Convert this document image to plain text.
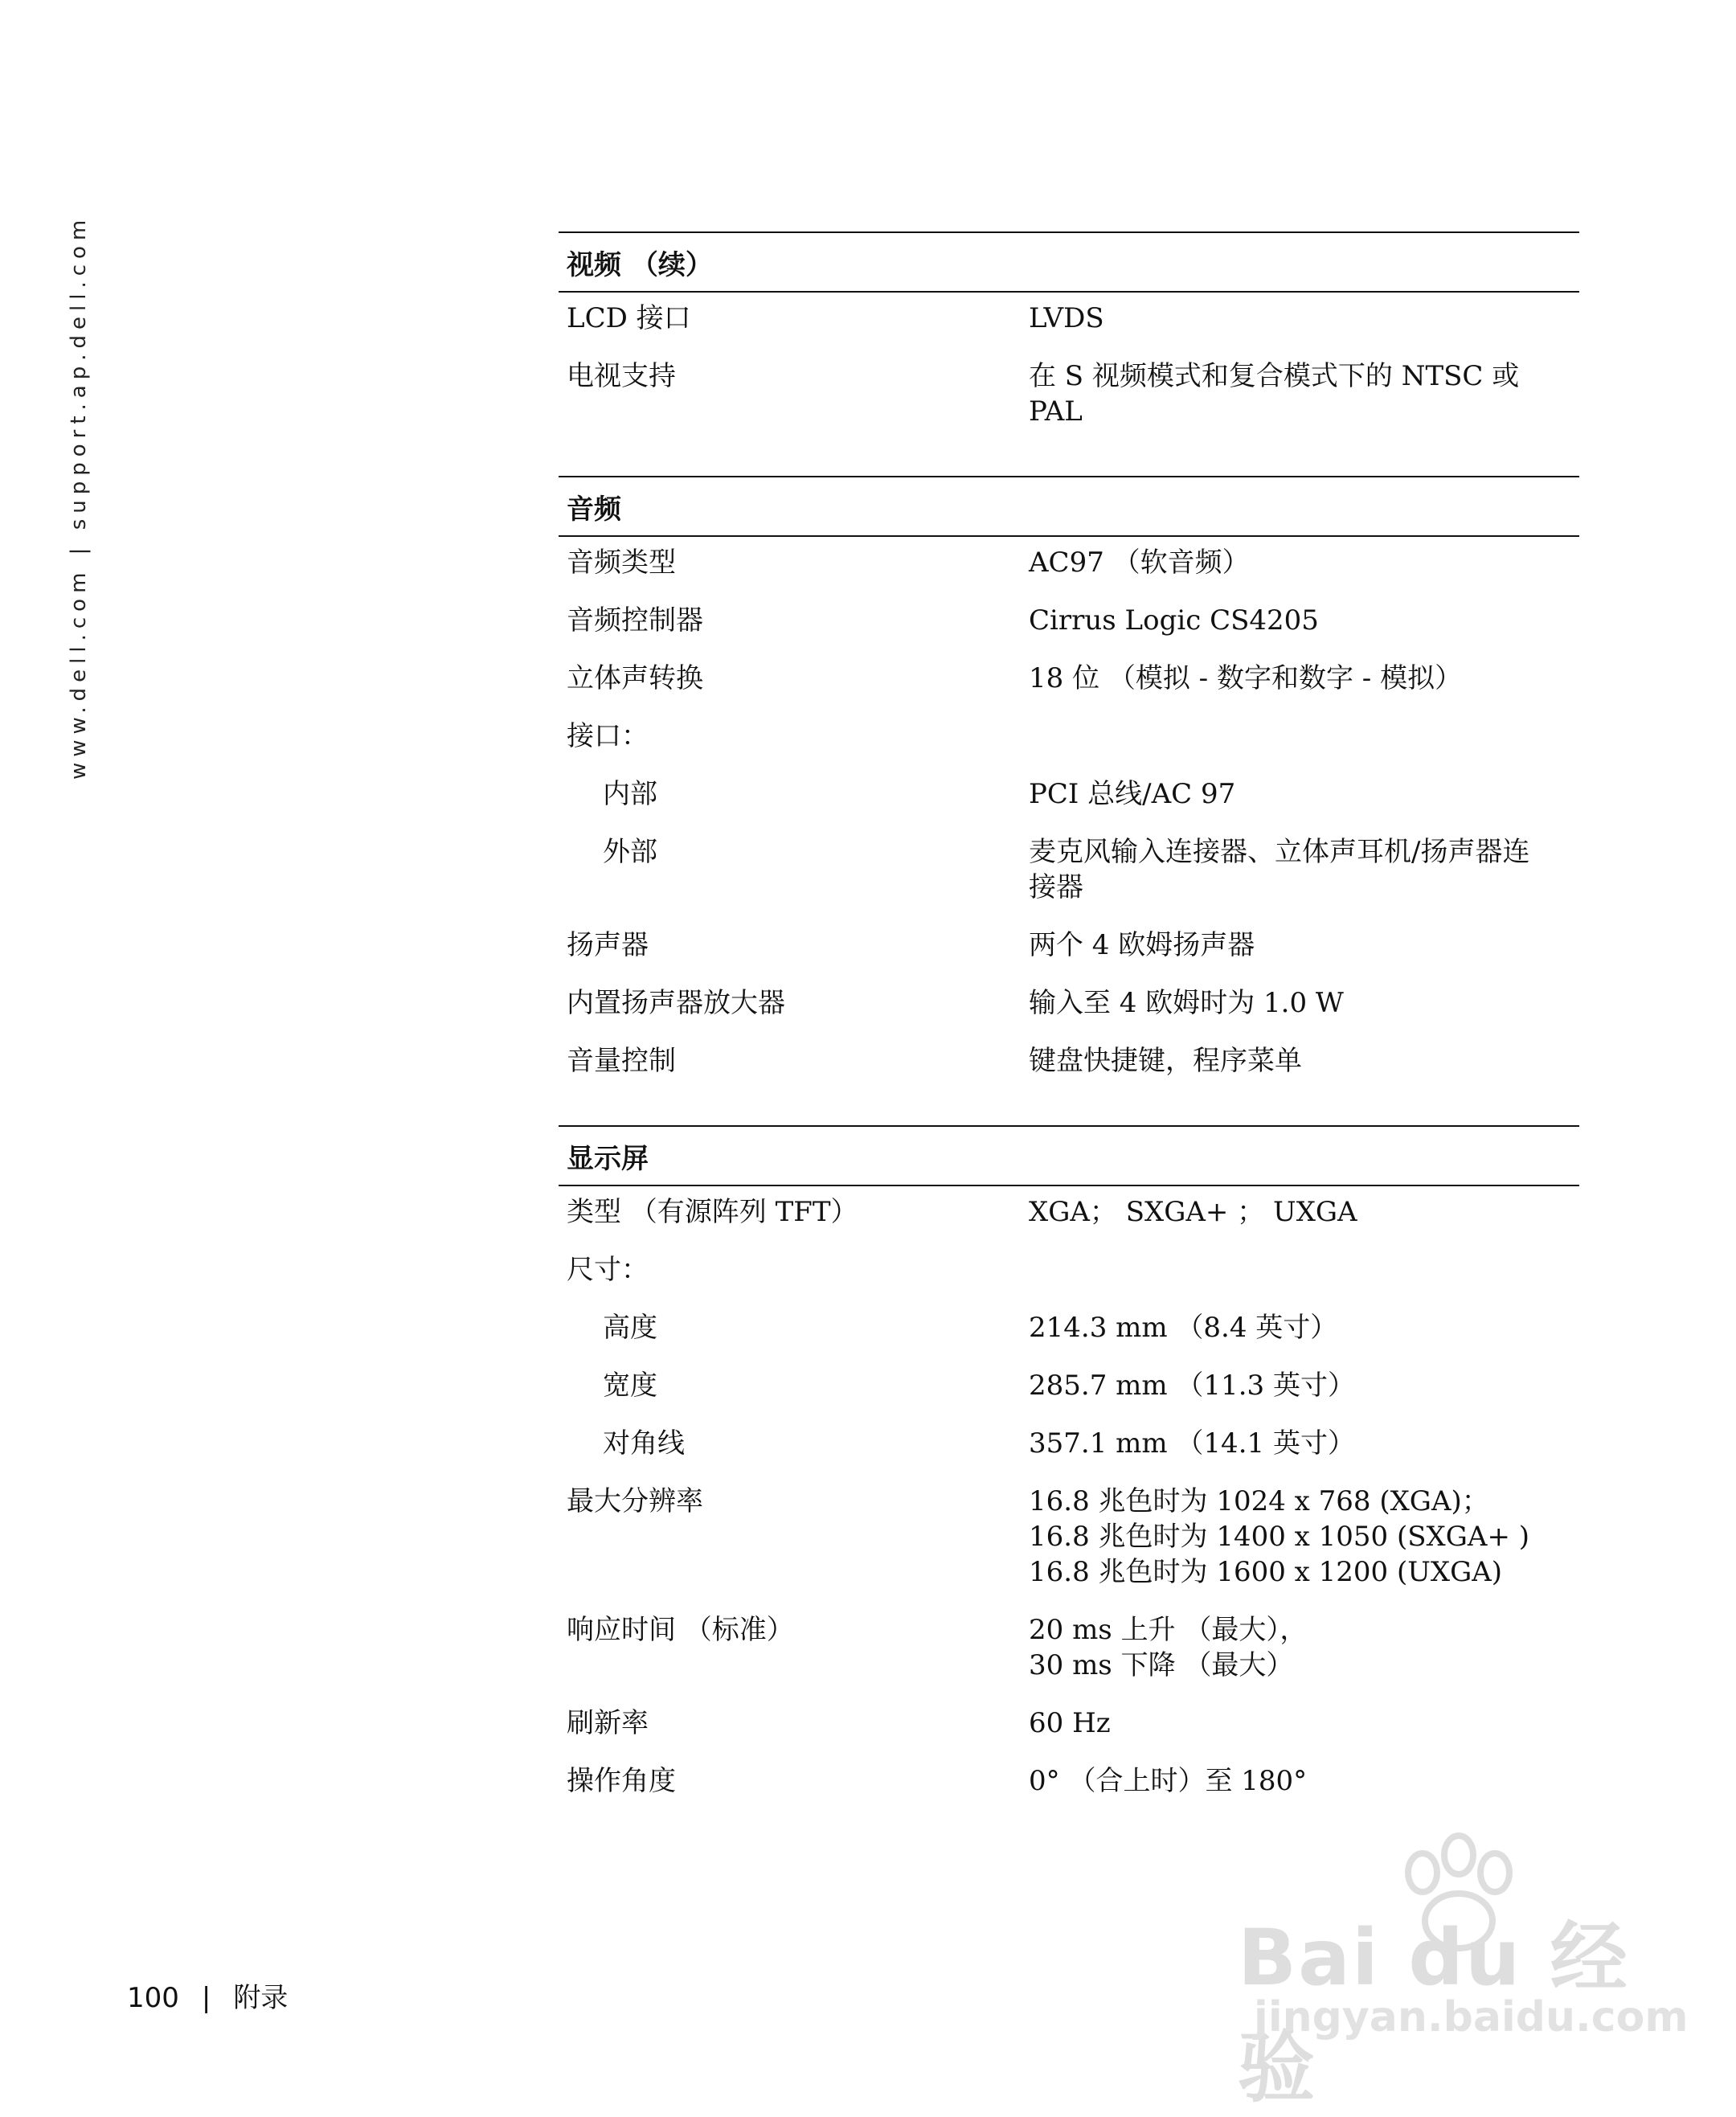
www.dell.com | support.ap.dell.com	视频 （续）
LCD 接口	LVDS
电视支持	在 S 视频模式和复合模式下的 NTSC 或
PAL
音频
音频类型	AC97 （软音频）
音频控制器	Cirrus Logic CS4205
立体声转换	18 位 （模拟 - 数字和数字 - 模拟）
接口：
内部	PCI 总线/AC 97
外部	麦克风输入连接器、立体声耳机/扬声器连
接器
扬声器	两个 4 欧姆扬声器
内置扬声器放大器	输入至 4 欧姆时为 1.0 W
音量控制	键盘快捷键，程序菜单
显示屏
类型 （有源阵列 TFT）	XGA； SXGA+ ； UXGA
尺寸：
高度	214.3 mm （8.4 英寸）
宽度	285.7 mm （11.3 英寸）
对角线	357.1 mm （14.1 英寸）
最大分辨率	16.8 兆色时为 1024 x 768 (XGA)；
16.8 兆色时为 1400 x 1050 (SXGA+ )
16.8 兆色时为 1600 x 1200 (UXGA)
响应时间 （标准）	20 ms 上升 （最大），
30 ms 下降 （最大）
刷新率	60 Hz
操作角度	0° （合上时）至 180°
100 | 附录	Bai du 经验
jingyan.baidu.com
